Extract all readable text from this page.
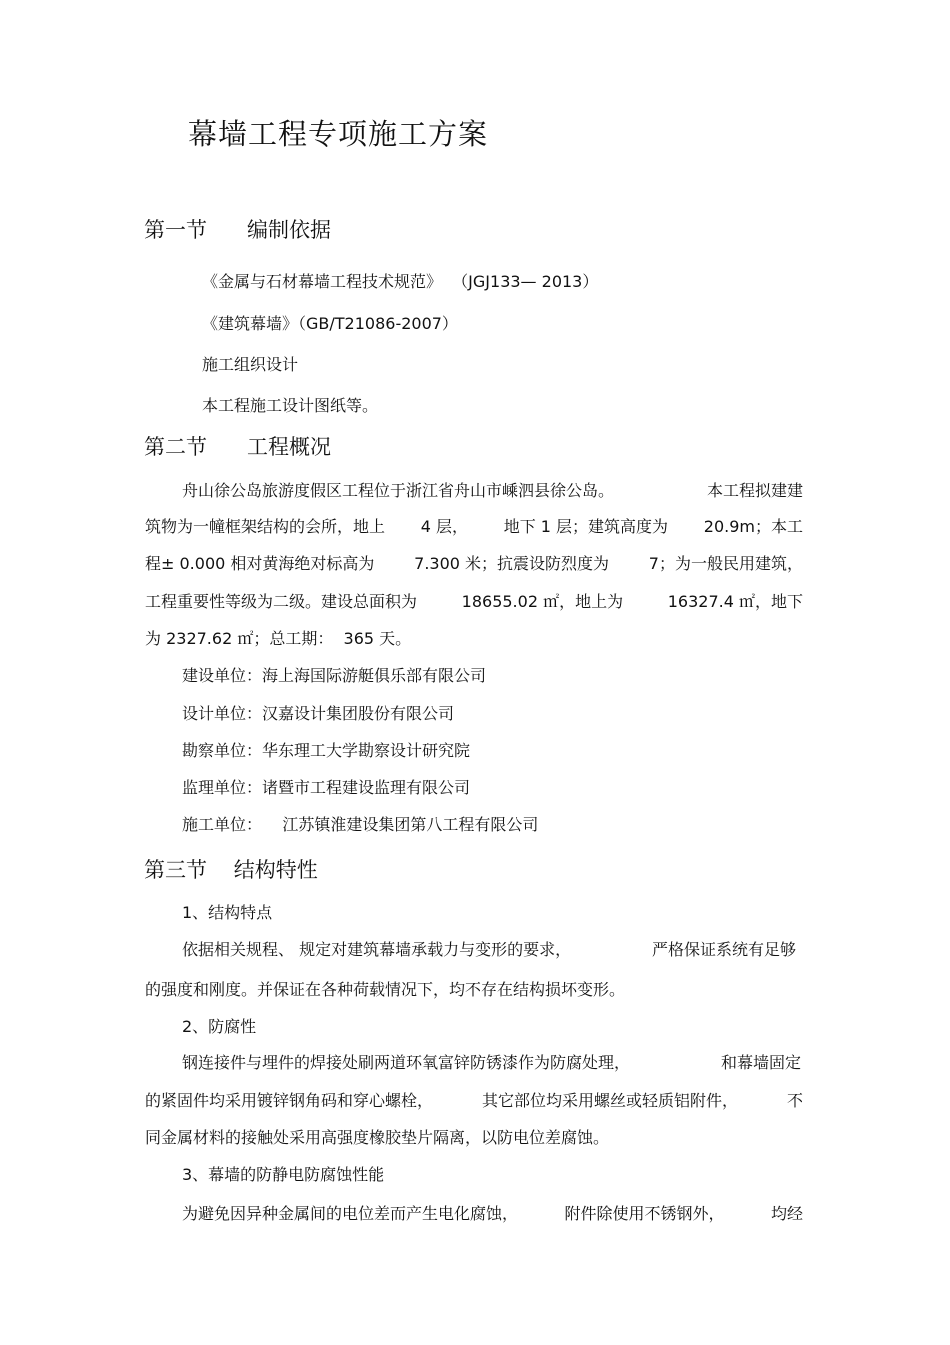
幕墙工程专项施工方案
第一节      编制依据
《金属与石材幕墙工程技术规范》  （JGJ133— 2013）
《建筑幕墙》（GB/T21086-2007）
施工组织设计
本工程施工设计图纸等。
第二节      工程概况
舟山徐公岛旅游度假区工程位于浙江省舟山市嵊泗县徐公岛。	本工程拟建建
筑物为一幢框架结构的会所，地上 4 层， 地下 1 层；建筑高度为 20.9m；本工
程± 0.000 相对黄海绝对标高为 7.300 米；抗震设防烈度为 7；为一般民用建筑，
工程重要性等级为二级。建设总面积为	18655.02 ㎡，地上为	16327.4 ㎡，地下
为 2327.62 ㎡；总工期：  365 天。
建设单位：海上海国际游艇俱乐部有限公司
设计单位：汉嘉设计集团股份有限公司
勘察单位：华东理工大学勘察设计研究院
监理单位：诸暨市工程建设监理有限公司
施工单位：    江苏镇淮建设集团第八工程有限公司
第三节    结构特性
1、结构特点
依据相关规程、 规定对建筑幕墙承载力与变形的要求，	严格保证系统有足够
的强度和刚度。并保证在各种荷载情况下，均不存在结构损坏变形。
2、防腐性
钢连接件与埋件的焊接处刷两道环氧富锌防锈漆作为防腐处理，	和幕墙固定
的紧固件均采用镀锌钢角码和穿心螺栓，	其它部位均采用螺丝或轻质铝附件，	不
同金属材料的接触处采用高强度橡胶垫片隔离，以防电位差腐蚀。
3、幕墙的防静电防腐蚀性能
为避免因异种金属间的电位差而产生电化腐蚀，	附件除使用不锈钢外，	均经
